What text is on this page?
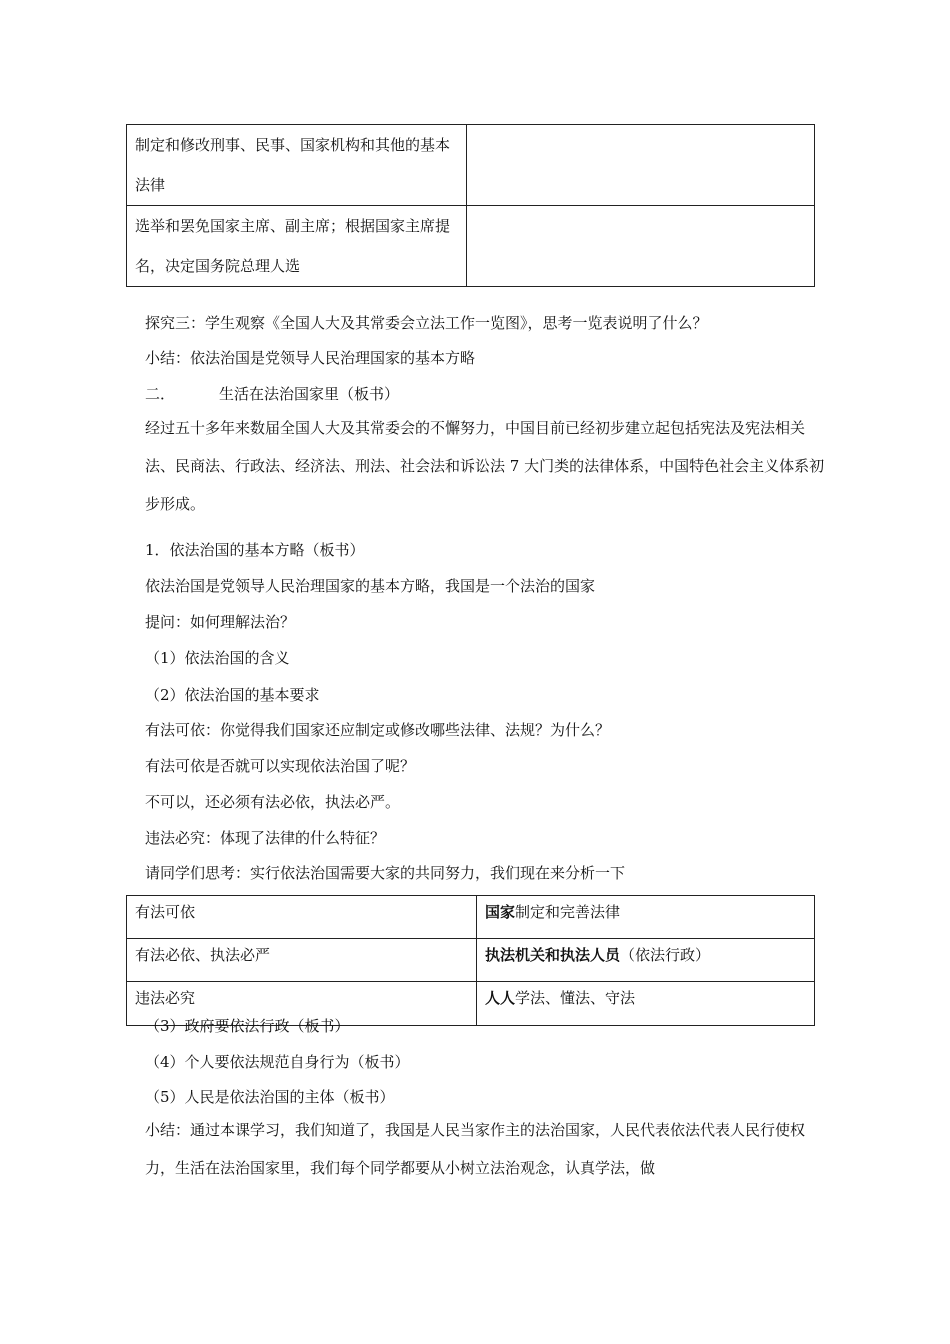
制定和修改刑事、民事、国家机构和其他的基本法律	
选举和罢免国家主席、副主席；根据国家主席提名，决定国务院总理人选	
探究三：学生观察《全国人大及其常委会立法工作一览图》，思考一览表说明了什么？
小结：依法治国是党领导人民治理国家的基本方略
二．	生活在法治国家里（板书）
经过五十多年来数届全国人大及其常委会的不懈努力，中国目前已经初步建立起包括宪法及宪法相关法、民商法、行政法、经济法、刑法、社会法和诉讼法 7 大门类的法律体系，中国特色社会主义体系初步形成。
1．依法治国的基本方略（板书）
依法治国是党领导人民治理国家的基本方略，我国是一个法治的国家
提问：如何理解法治？
（1）依法治国的含义
（2）依法治国的基本要求
有法可依：你觉得我们国家还应制定或修改哪些法律、法规？为什么？
有法可依是否就可以实现依法治国了呢？
不可以，还必须有法必依，执法必严。
违法必究：体现了法律的什么特征？
请同学们思考：实行依法治国需要大家的共同努力，我们现在来分析一下
有法可依	国家制定和完善法律
有法必依、执法必严	执法机关和执法人员（依法行政）
违法必究	人人学法、懂法、守法
（3）政府要依法行政（板书）
（4）个人要依法规范自身行为（板书）
（5）人民是依法治国的主体（板书）
小结：通过本课学习，我们知道了，我国是人民当家作主的法治国家，人民代表依法代表人民行使权力，生活在法治国家里，我们每个同学都要从小树立法治观念，认真学法，做
